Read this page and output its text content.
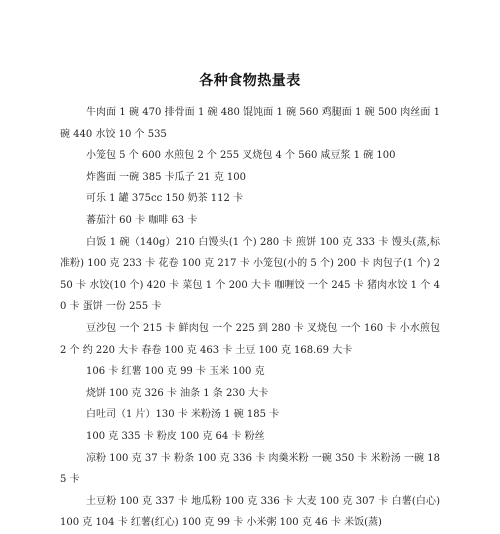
各种食物热量表

牛肉面 1 碗 470 排骨面 1 碗 480 馄饨面 1 碗 560 鸡腿面 1 碗 500 肉丝面 1 碗 440 水饺 10 个 535

小笼包 5 个 600 水煎包 2 个 255 叉烧包 4 个 560 咸豆浆 1 碗 100

炸酱面 一碗 385 卡瓜子 21 克 100

可乐 1 罐 375cc 150 奶茶 112 卡

蕃茄汁 60 卡 咖啡 63 卡

白饭 1 碗（140g）210 白馒头(1 个) 280 卡 煎饼 100 克 333 卡 馒头(蒸,标准粉) 100 克 233 卡 花卷 100 克 217 卡 小笼包(小的 5 个) 200 卡 肉包子(1 个) 250 卡 水饺(10 个) 420 卡 菜包 1 个 200 大卡 咖喱饺 一个 245 卡 猪肉水饺 1 个 40 卡 蛋饼 一份 255 卡

豆沙包 一个 215 卡 鲜肉包 一个 225 到 280 卡 叉烧包 一个 160 卡 小水煎包 2 个 约 220 大卡 春卷 100 克 463 卡 土豆 100 克 168.69 大卡

106 卡 红薯 100 克 99 卡 玉米 100 克

烧饼 100 克 326 卡 油条 1 条 230 大卡

白吐司（1 片）130 卡 米粉汤 1 碗 185 卡

100 克 335 卡 粉皮 100 克 64 卡 粉丝

凉粉 100 克 37 卡 粉条 100 克 336 卡 肉羹米粉 一碗 350 卡 米粉汤 一碗 185 卡

土豆粉 100 克 337 卡 地瓜粉 100 克 336 卡 大麦 100 克 307 卡 白薯(白心) 100 克 104 卡 红薯(红心) 100 克 99 卡 小米粥 100 克 46 卡 米饭(蒸)
